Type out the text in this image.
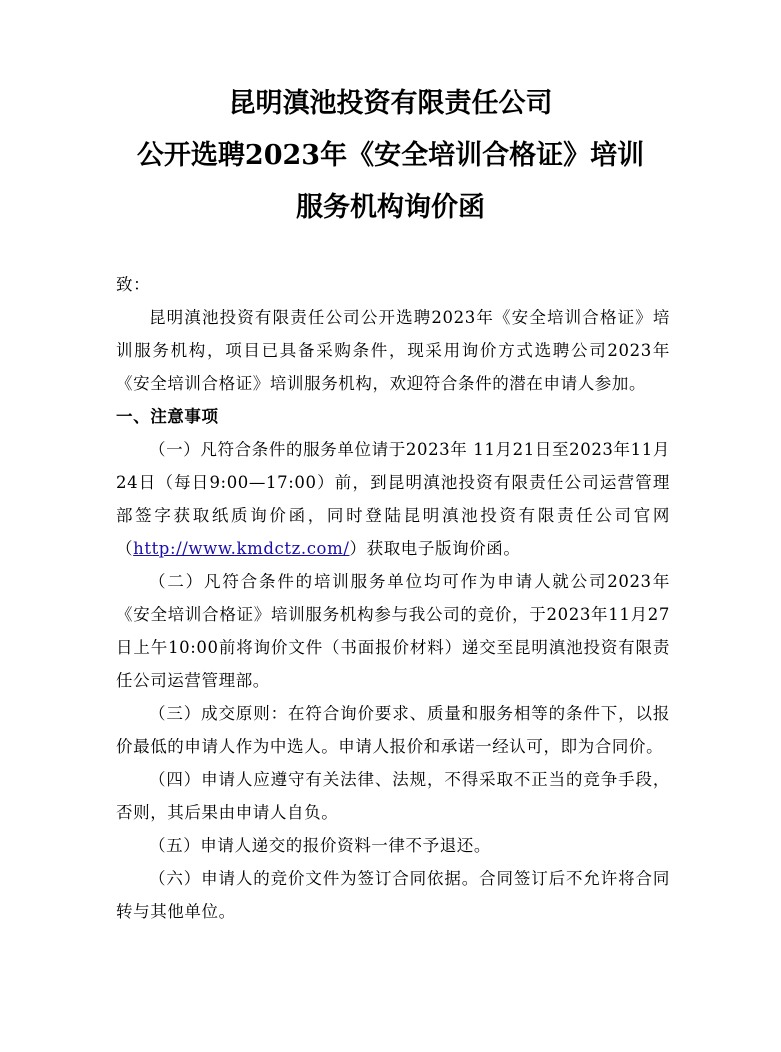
昆明滇池投资有限责任公司
公开选聘2023年《安全培训合格证》培训
服务机构询价函

致：

昆明滇池投资有限责任公司公开选聘2023年《安全培训合格证》培训服务机构，项目已具备采购条件，现采用询价方式选聘公司2023年《安全培训合格证》培训服务机构，欢迎符合条件的潜在申请人参加。

一、注意事项

（一）凡符合条件的服务单位请于2023年 11月21日至2023年11月24日（每日9:00—17:00）前，到昆明滇池投资有限责任公司运营管理部签字获取纸质询价函，同时登陆昆明滇池投资有限责任公司官网（http://www.kmdctz.com/）获取电子版询价函。

（二）凡符合条件的培训服务单位均可作为申请人就公司2023年《安全培训合格证》培训服务机构参与我公司的竞价，于2023年11月27日上午10:00前将询价文件（书面报价材料）递交至昆明滇池投资有限责任公司运营管理部。

（三）成交原则：在符合询价要求、质量和服务相等的条件下，以报价最低的申请人作为中选人。申请人报价和承诺一经认可，即为合同价。

（四）申请人应遵守有关法律、法规，不得采取不正当的竞争手段，否则，其后果由申请人自负。

（五）申请人递交的报价资料一律不予退还。

（六）申请人的竞价文件为签订合同依据。合同签订后不允许将合同转与其他单位。
